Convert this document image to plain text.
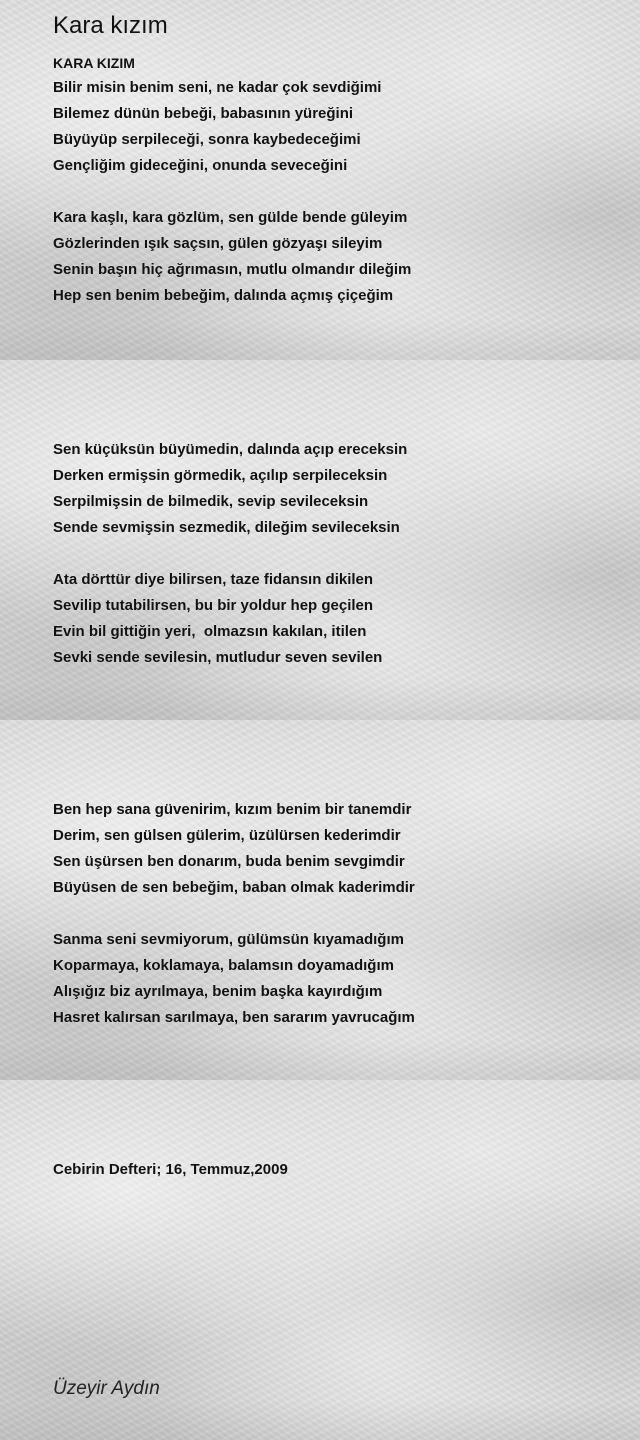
Kara kızım
KARA KIZIM
Bilir misin benim seni, ne kadar çok sevdiğimi
Bilemez dünün bebeği, babasının yüreğini
Büyüyüp serpileceği, sonra kaybedeceğimi
Gençliğim gideceğini, onunda seveceğini
Kara kaşlı, kara gözlüm, sen gülde bende güleyim
Gözlerinden ışık saçsın, gülen gözyaşı sileyim
Senin başın hiç ağrımasın, mutlu olmandır dileğim
Hep sen benim bebeğim, dalında açmış çiçeğim
Sen küçüksün büyümedin, dalında açıp ereceksin
Derken ermişsin görmedik, açılıp serpileceksin
Serpilmişsin de bilmedik, sevip sevileceksin
Sende sevmişsin sezmedik, dileğim sevileceksin
Ata dörttür diye bilirsen, taze fidansın dikilen
Sevilip tutabilirsen, bu bir yoldur hep geçilen
Evin bil gittiğin yeri,  olmazsın kakılan, itilen
Sevki sende sevilesin, mutludur seven sevilen
Ben hep sana güvenirim, kızım benim bir tanemdir
Derim, sen gülsen gülerim, üzülürsen kederimdir
Sen üşürsen ben donarım, buda benim sevgimdir
Büyüsen de sen bebeğim, baban olmak kaderimdir
Sanma seni sevmiyorum, gülümsün kıyamadığım
Koparmaya, koklamaya, balamsın doyamadığım
Alışığız biz ayrılmaya, benim başka kayırdığım
Hasret kalırsan sarılmaya, ben sararım yavrucağım
Cebirin Defteri; 16, Temmuz,2009
Üzeyir Aydın
